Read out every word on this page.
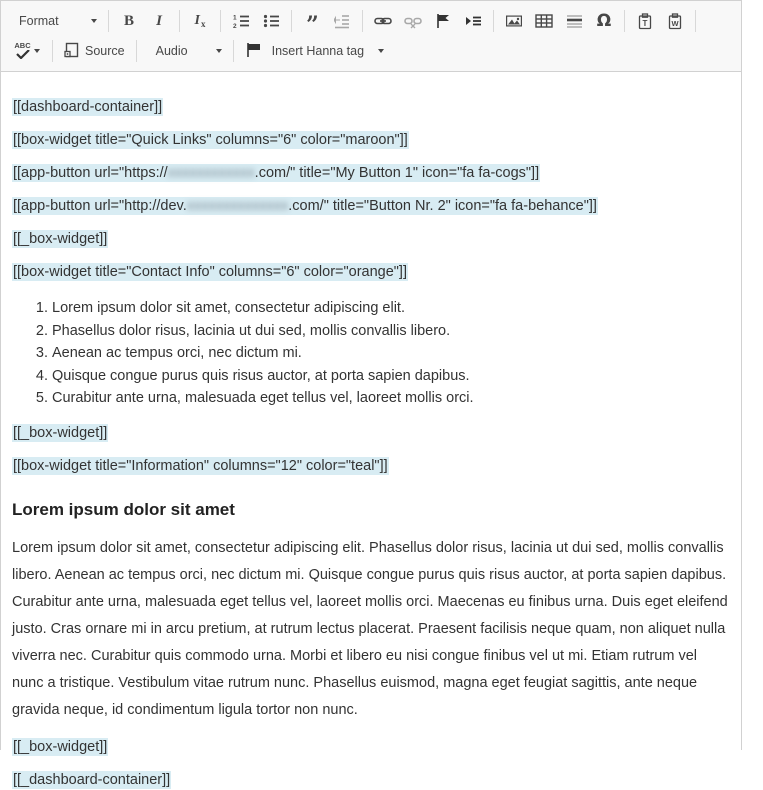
Format	B I $I_x$
1
2	”	Ω	T	W
ABC	Source Audio	Insert Hanna tag

[[dashboard-container]]

[[box-widget title="Quick Links" columns="6" color="maroon"]]

[[app-button url="https://xxxxxxxxxxxx.com/" title="My Button 1" icon="fa fa-cogs"]]

[[app-button url="http://dev.xxxxxxxxxxxxxx.com/" title="Button Nr. 2" icon="fa fa-behance"]]

[[_box-widget]]

[[box-widget title="Contact Info" columns="6" color="orange"]]

1. Lorem ipsum dolor sit amet, consectetur adipiscing elit.
2. Phasellus dolor risus, lacinia ut dui sed, mollis convallis libero.
3. Aenean ac tempus orci, nec dictum mi.
4. Quisque congue purus quis risus auctor, at porta sapien dapibus.
5. Curabitur ante urna, malesuada eget tellus vel, laoreet mollis orci.

[[_box-widget]]

[[box-widget title="Information" columns="12" color="teal"]]

Lorem ipsum dolor sit amet

Lorem ipsum dolor sit amet, consectetur adipiscing elit. Phasellus dolor risus, lacinia ut dui sed, mollis convallis libero. Aenean ac tempus orci, nec dictum mi. Quisque congue purus quis risus auctor, at porta sapien dapibus. Curabitur ante urna, malesuada eget tellus vel, laoreet mollis orci. Maecenas eu finibus urna. Duis eget eleifend justo. Cras ornare mi in arcu pretium, at rutrum lectus placerat. Praesent facilisis neque quam, non aliquet nulla viverra nec. Curabitur quis commodo urna. Morbi et libero eu nisi congue finibus vel ut mi. Etiam rutrum vel nunc a tristique. Vestibulum vitae rutrum nunc. Phasellus euismod, magna eget feugiat sagittis, ante neque gravida neque, id condimentum ligula tortor non nunc.

[[_box-widget]]

[[_dashboard-container]]
